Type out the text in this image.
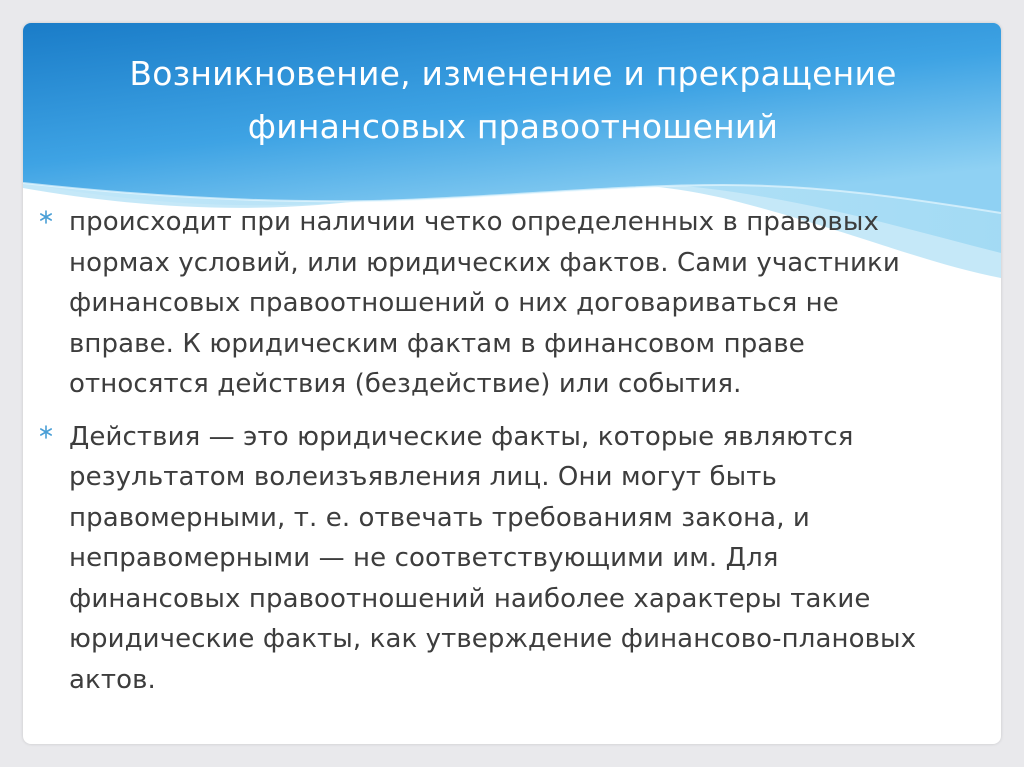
Возникновение, изменение и прекращение
финансовых правоотношений
происходит при наличии четко определенных в правовых
нормах условий, или юридических фактов. Сами участники
финансовых правоотношений о них договариваться не
вправе. К юридическим фактам в финансовом праве
относятся действия (бездействие) или события.
Действия — это юридические факты, которые являются
результатом волеизъявления лиц. Они могут быть
правомерными, т. е. отвечать требованиям закона, и
неправомерными — не соответствующими им. Для
финансовых правоотношений наиболее характеры такие
юридические факты, как утверждение финансово-плановых
актов.
